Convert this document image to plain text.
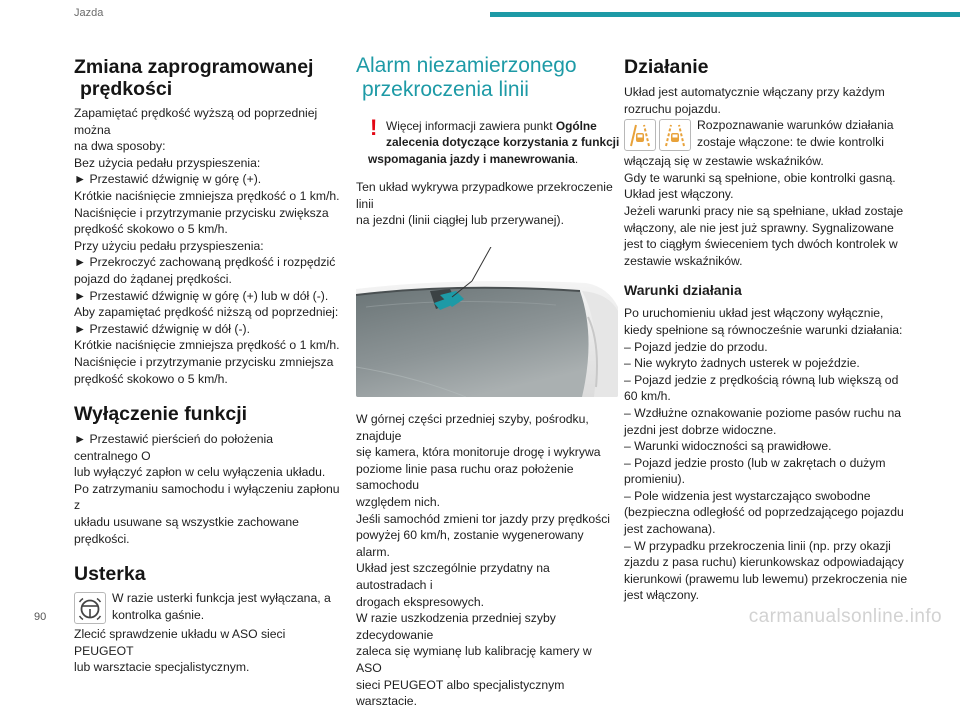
Jazda
Zmiana zaprogramowanej
prędkości

Zapamiętać prędkość wyższą od poprzedniej można

na dwa sposoby:

Bez użycia pedału przyspieszenia:

► Przestawić dźwignię w górę (+).

Krótkie naciśnięcie zmniejsza prędkość o 1 km/h.

Naciśnięcie i przytrzymanie przycisku zwiększa

prędkość skokowo o 5 km/h.

Przy użyciu pedału przyspieszenia:

► Przekroczyć zachowaną prędkość i rozpędzić

pojazd do żądanej prędkości.

► Przestawić dźwignię w górę (+) lub w dół (-).

Aby zapamiętać prędkość niższą od poprzedniej:

► Przestawić dźwignię w dół (-).

Krótkie naciśnięcie zmniejsza prędkość o 1 km/h.

Naciśnięcie i przytrzymanie przycisku zmniejsza

prędkość skokowo o 5 km/h.

Wyłączenie funkcji

► Przestawić pierścień do położenia centralnego O

lub wyłączyć zapłon w celu wyłączenia układu.

Po zatrzymaniu samochodu i wyłączeniu zapłonu z

układu usuwane są wszystkie zachowane prędkości.

Usterka

W razie usterki funkcja jest wyłączana, a

kontrolka gaśnie.

Zlecić sprawdzenie układu w ASO sieci PEUGEOT

lub warsztacie specjalistycznym.

Alarm niezamierzonego
przekroczenia linii
! Więcej informacji zawiera punkt Ogólne
zalecenia dotyczące korzystania z funkcji
wspomagania jazdy i manewrowania.

Ten układ wykrywa przypadkowe przekroczenie linii

na jezdni (linii ciągłej lub przerywanej).

W górnej części przedniej szyby, pośrodku, znajduje

się kamera, która monitoruje drogę i wykrywa

poziome linie pasa ruchu oraz położenie samochodu

względem nich.

Jeśli samochód zmieni tor jazdy przy prędkości

powyżej 60 km/h, zostanie wygenerowany alarm.

Układ jest szczególnie przydatny na autostradach i

drogach ekspresowych.

W razie uszkodzenia przedniej szyby zdecydowanie

zaleca się wymianę lub kalibrację kamery w ASO

sieci PEUGEOT albo specjalistycznym warsztacie.

Działanie

Układ jest automatycznie włączany przy każdym

rozruchu pojazdu.

Rozpoznawanie warunków działania

zostaje włączone: te dwie kontrolki

włączają się w zestawie wskaźników.

Gdy te warunki są spełnione, obie kontrolki gasną.

Układ jest włączony.

Jeżeli warunki pracy nie są spełniane, układ zostaje

włączony, ale nie jest już sprawny. Sygnalizowane

jest to ciągłym świeceniem tych dwóch kontrolek w

zestawie wskaźników.

Warunki działania

Po uruchomieniu układ jest włączony wyłącznie,

kiedy spełnione są równocześnie warunki działania:

– Pojazd jedzie do przodu.

– Nie wykryto żadnych usterek w pojeździe.

– Pojazd jedzie z prędkością równą lub większą od

60 km/h.

– Wzdłużne oznakowanie poziome pasów ruchu na

jezdni jest dobrze widoczne.

– Warunki widoczności są prawidłowe.

– Pojazd jedzie prosto (lub w zakrętach o dużym

promieniu).

– Pole widzenia jest wystarczająco swobodne

(bezpieczna odległość od poprzedzającego pojazdu

jest zachowana).

– W przypadku przekroczenia linii (np. przy okazji

zjazdu z pasa ruchu) kierunkowskaz odpowiadający

kierunkowi (prawemu lub lewemu) przekroczenia nie

jest włączony.

90	carmanualsonline.info
